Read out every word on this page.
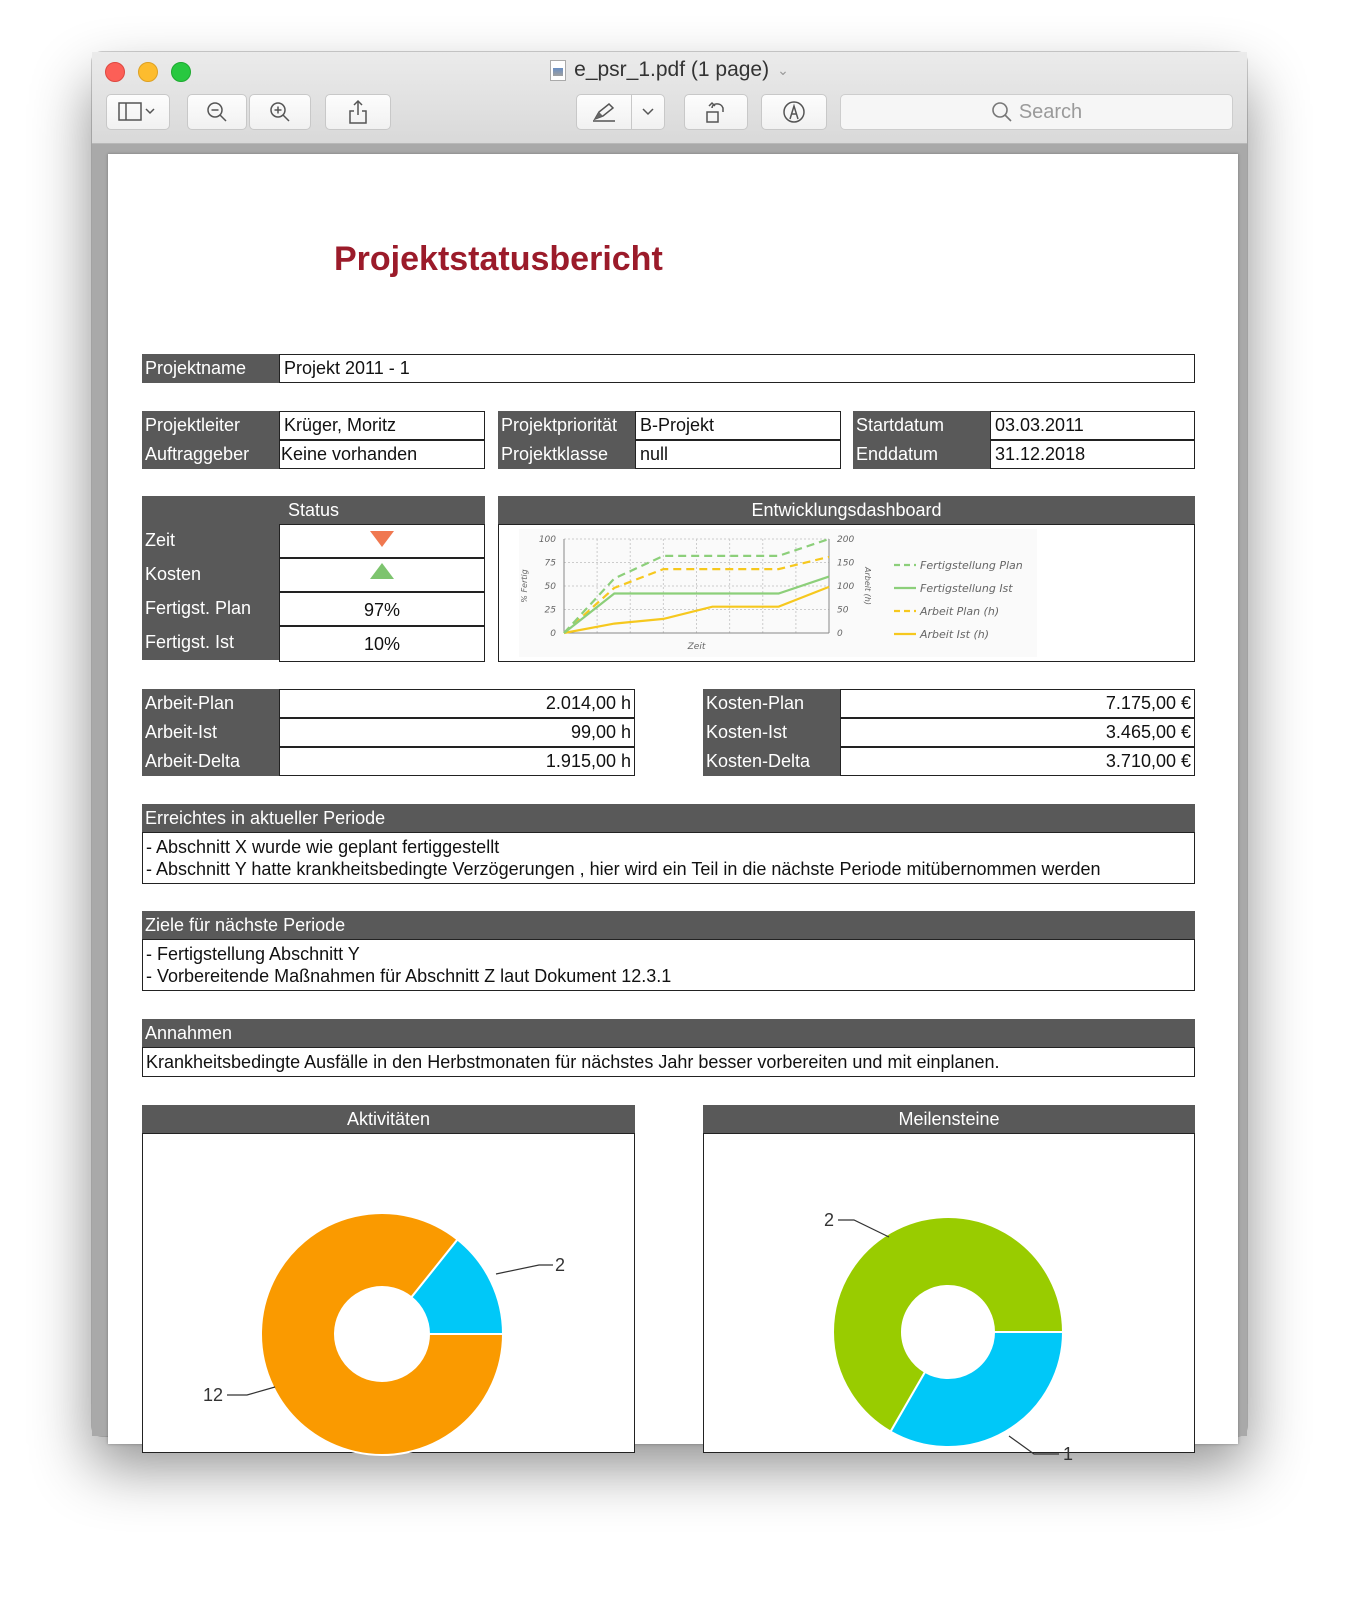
e_psr_1.pdf (1 page) ⌄
Search
Projektstatusbericht
Projektname	Projekt 2011 - 1
Projektleiter	Krüger, Moritz
Auftraggeber	Keine vorhanden
Projektpriorität	B-Projekt
Projektklasse	null
Startdatum	03.03.2011
Enddatum	31.12.2018
Status
Zeit
Kosten
Fertigst. Plan	97%
Fertigst. Ist	10%
Entwicklungsdashboard
0	0
25	50
50	100
75	150
100	200
% Fertig	Arbeit (h)
Zeit
Fertigstellung Plan
Fertigstellung Ist
Arbeit Plan (h)
Arbeit Ist (h)
Arbeit-Plan	2.014,00 h
Arbeit-Ist	99,00 h
Arbeit-Delta	1.915,00 h
Kosten-Plan	7.175,00 €
Kosten-Ist	3.465,00 €
Kosten-Delta	3.710,00 €
Erreichtes in aktueller Periode
- Abschnitt X wurde wie geplant fertiggestellt
- Abschnitt Y hatte krankheitsbedingte Verzögerungen , hier wird ein Teil in die nächste Periode mitübernommen werden
Ziele für nächste Periode
- Fertigstellung Abschnitt Y
- Vorbereitende Maßnahmen für Abschnitt Z laut Dokument 12.3.1
Annahmen
Krankheitsbedingte Ausfälle in den Herbstmonaten für nächstes Jahr besser vorbereiten und mit einplanen.
Aktivitäten
2
12
Meilensteine
2
1
